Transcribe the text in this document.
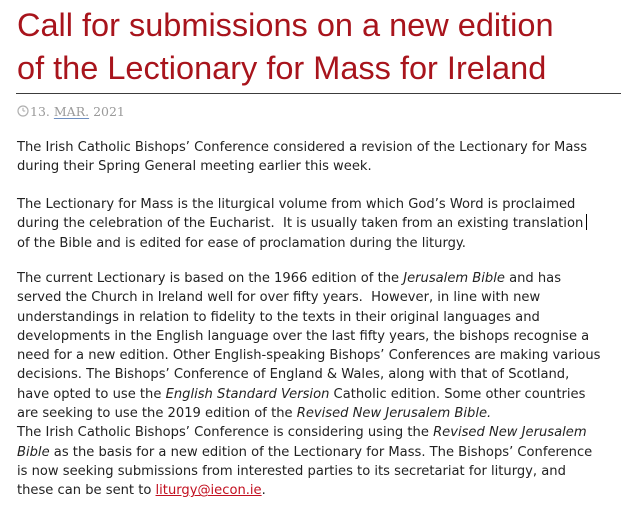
Call for submissions on a new edition
of the Lectionary for Mass for Ireland
13. MAR. 2021

The Irish Catholic Bishops’ Conference considered a revision of the Lectionary for Mass
during their Spring General meeting earlier this week.

The Lectionary for Mass is the liturgical volume from which God’s Word is proclaimed
during the celebration of the Eucharist.  It is usually taken from an existing translation
of the Bible and is edited for ease of proclamation during the liturgy.

The current Lectionary is based on the 1966 edition of the Jerusalem Bible and has
served the Church in Ireland well for over fifty years.  However, in line with new
understandings in relation to fidelity to the texts in their original languages and
developments in the English language over the last fifty years, the bishops recognise a
need for a new edition. Other English-speaking Bishops’ Conferences are making various
decisions. The Bishops’ Conference of England & Wales, along with that of Scotland,
have opted to use the English Standard Version Catholic edition. Some other countries
are seeking to use the 2019 edition of the Revised New Jerusalem Bible.
The Irish Catholic Bishops’ Conference is considering using the Revised New Jerusalem
Bible as the basis for a new edition of the Lectionary for Mass. The Bishops’ Conference
is now seeking submissions from interested parties to its secretariat for liturgy, and
these can be sent to liturgy@iecon.ie.
